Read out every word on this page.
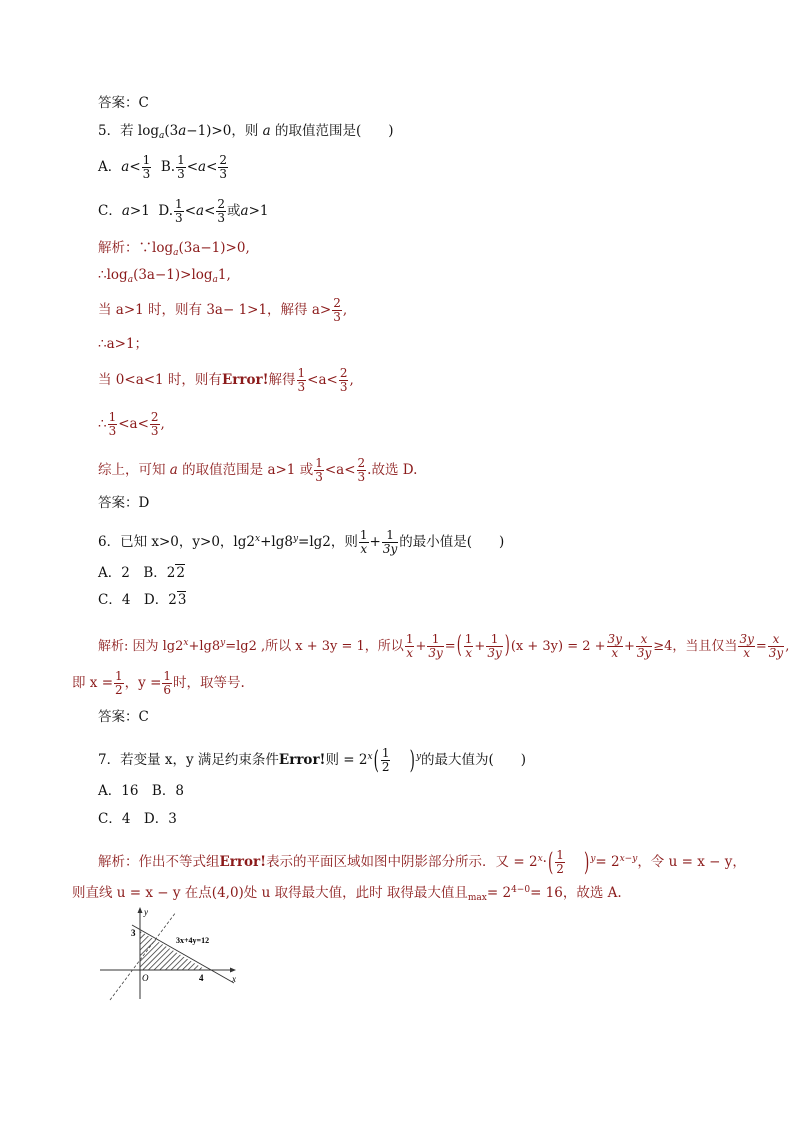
答案：C
5．若 $\log_a(3a-1)>0$，则 a 的取值范围是(　　)
A．$a< \frac{1}{3} B$. $\frac{1}{3} <a< \frac{2}{3}$
C．a>1 D. $\frac{1}{3} <a< \frac{2}{3}$ 或a>1
解析：$\because\log_a(3a-1)>0$,
$\therefore\log_a(3a-1)>\log_a1$,
当 a>1 时，则有 3a− 1>1，解得 $a> \frac{2}{3}$ ,
∴a>1；
当 0<a<1 时，则有Error!解得 $\frac{1}{3} <a< \frac{2}{3}$ ,
∴ $\frac{1}{3} <a< \frac{2}{3}$ ,
综上，可知 a 的取值范围是 a>1 或 $\frac{1}{3} <a< \frac{2}{3}$ .故选 D.
答案：D
6．已知 x>0，y>0，$\lg 2^x+\lg 8^y=\lg 2$，则 $\frac{1}{x} + \frac{1}{3y}$ 的最小值是(　　)
A．2　B．22
C．4　D．23
解析: 因为 $\lg 2^x+\lg 8^y=\lg 2$ ,所以 x + 3y = 1，所以 $\frac{1}{x} + \frac{1}{3y}$ =( $\frac{1}{x} + \frac{1}{3y} )(x + 3y) = 2 + \frac{3y}{x} + \frac{x}{3y} \ge 4$，当且仅当 $\frac{3y}{x} = \frac{x}{3y}$ ,
即 $x = \frac{1}{2}$ ，$y = \frac{1}{6}$ 时，取等号.
答案：C
7．若变量 x，y 满足约束条件Error!则 = $2^x( \frac{1}{2} )^y$的最大值为(　　)
A．16　B．8
C．4　D．3
解析：作出不等式组Error!表示的平面区域如图中阴影部分所示．又 = $2^x\cdot( \frac{1}{2} )^y= 2^{x-y}$，令 u = x − y，
则直线 u = x − y 在点(4,0)处 u 取得最大值，此时 取得最大值且$_{max}= 2^{4-0}= 16$，故选 A.
y
x
3
4
O
3x+4y=12
